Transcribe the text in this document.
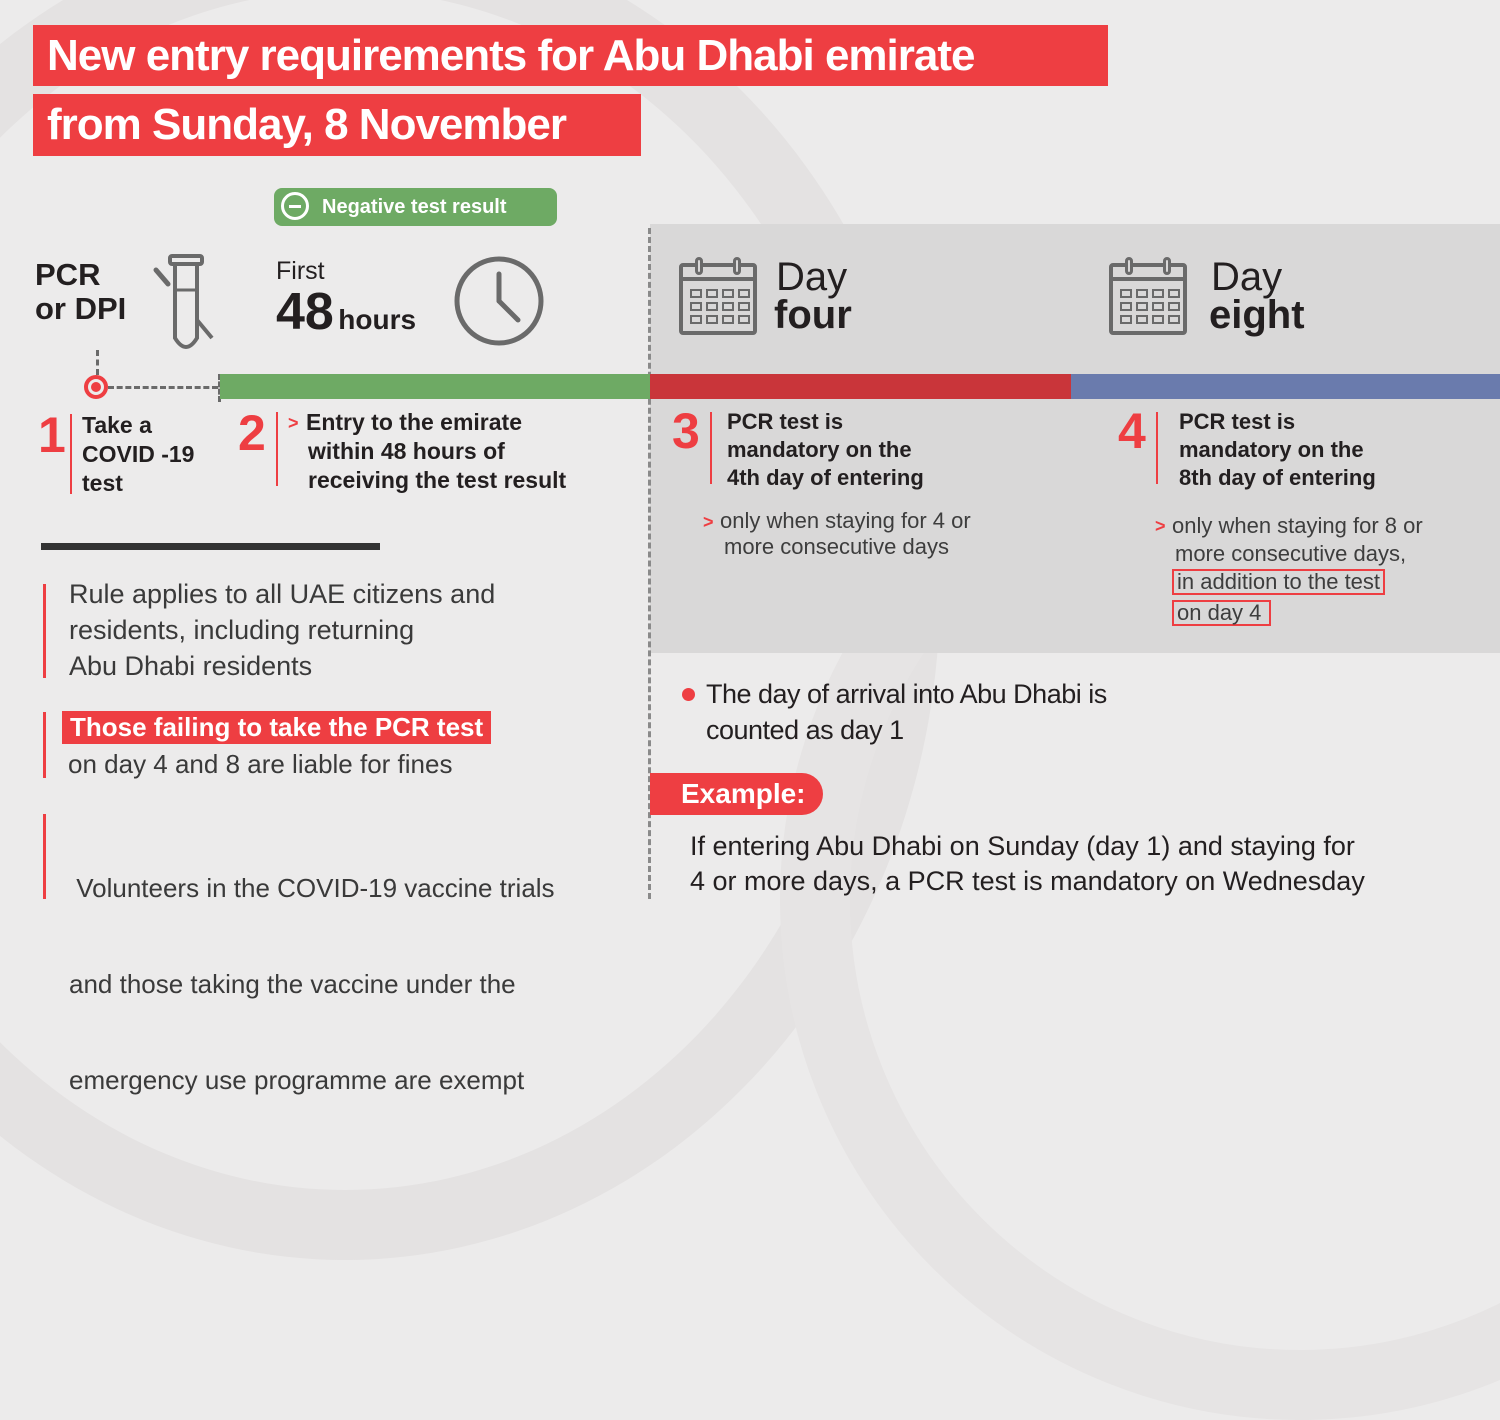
New entry requirements for Abu Dhabi emirate
from Sunday, 8 November
Negative test result
PCR
or DPI
First
48 hours
Day
four
Day
eight
1 Take a
COVID -19
test
2 > Entry to the emirate
within 48 hours of
receiving the test result
3 PCR test is
mandatory on the
4th day of entering
> only when staying for 4 or
more consecutive days
4 PCR test is
mandatory on the
8th day of entering
> only when staying for 8 or
more consecutive days,
in addition to the test
on day 4
Rule applies to all UAE citizens and
residents, including returning
Abu Dhabi residents
Those failing to take the PCR test
on day 4 and 8 are liable for fines

Volunteers in the COVID-19 vaccine trials

and those taking the vaccine under the

emergency use programme are exempt

The day of arrival into Abu Dhabi is
counted as day 1
Example:
If entering Abu Dhabi on Sunday (day 1) and staying for
4 or more days, a PCR test is mandatory on Wednesday
